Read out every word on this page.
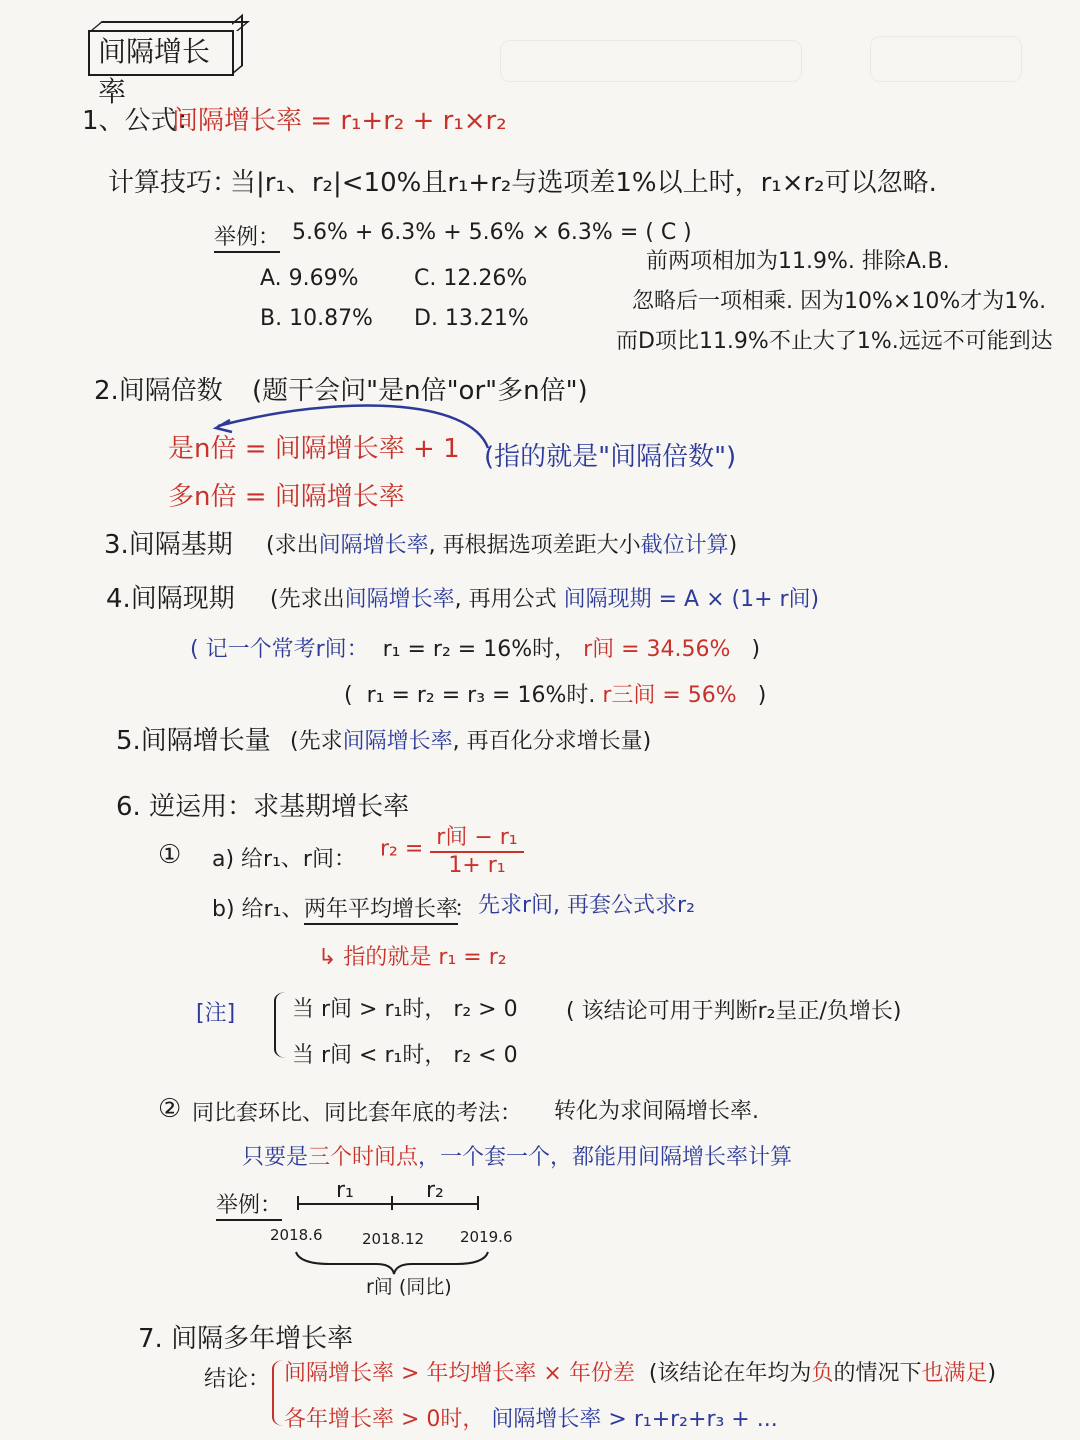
间隔增长率
1、公式：
间隔增长率 = r₁+r₂ + r₁×r₂
计算技巧：
当|r₁、r₂|<10%且r₁+r₂与选项差1%以上时，r₁×r₂可以忽略.
举例： 5.6% + 6.3% + 5.6% × 6.3% = ( C )
A. 9.69%
B. 10.87%
C. 12.26%
D. 13.21%
前两项相加为11.9%. 排除A.B.
忽略后一项相乘. 因为10%×10%才为1%.
而D项比11.9%不止大了1%.远远不可能到达
2.间隔倍数 (题干会问"是n倍"or"多n倍")
是n倍 = 间隔增长率 + 1
多n倍 = 间隔增长率
(指的就是"间隔倍数")
3.间隔基期 (求出间隔增长率, 再根据选项差距大小截位计算)
4.间隔现期 (先求出间隔增长率, 再用公式 间隔现期 = A × (1+ r间)
( 记一个常考r间： r₁ = r₂ = 16%时， r间 = 34.56% )
( r₁ = r₂ = r₃ = 16%时. r三间 = 56% )
5.间隔增长量 (先求间隔增长率, 再百化分求增长量)
6. 逆运用：求基期增长率
① a) 给r₁、r间： $r_2 = \frac{\text{r间 − r₁}}{\text{1+ r₁}}$
b) 给r₁、 两年平均增长率
： 先求r间, 再套公式求r₂
↳ 指的就是 r₁ = r₂
[注]	当 r间 > r₁时， r₂ > 0
当 r间 < r₁时， r₂ < 0
( 该结论可用于判断r₂呈正/负增长)
② 同比套环比、同比套年底的考法： 转化为求间隔增长率.
只要是三个时间点，一个套一个，都能用间隔增长率计算
举例：
r₁	r₂
2018.6	2018.12 2019.6
r间 (同比)
7. 间隔多年增长率
结论： 间隔增长率 > 年均增长率 × 年份差 (该结论在年均为负的情况下也满足)
各年增长率 > 0时， 间隔增长率 > r₁+r₂+r₃ + ...
